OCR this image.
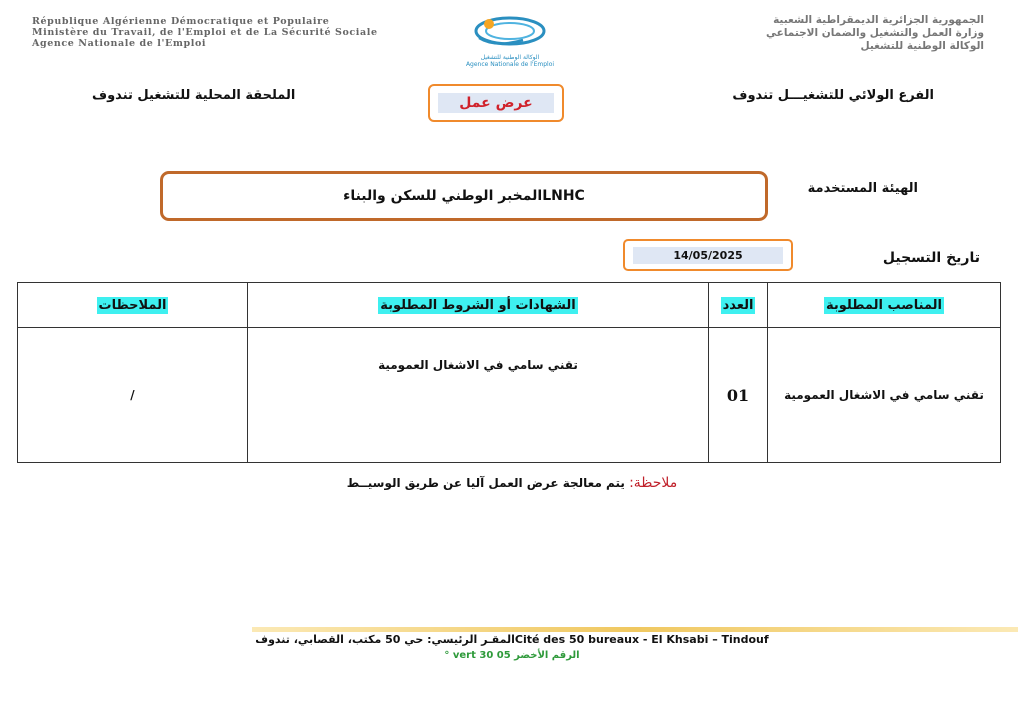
République Algérienne Démocratique et Populaire
Ministère du Travail, de l'Emploi et de La Sécurité Sociale
Agence Nationale de l'Emploi
الوكالة الوطنية للتشغيل
Agence Nationale de l'Emploi
الجمهورية الجزائرية الديمقراطية الشعبية
وزارة العمل والتشغيل والضمان الاجتماعي
الوكالة الوطنية للتشغيل
الفرع الولائي للتشغيـــل تندوف
الملحقة المحلية للتشغيل تندوف	عرض عمل
الهيئة المستخدمة
المخبر الوطني للسكن والبناءLNHC
تاريخ التسجيل
14/05/2025
المناصب المطلوبة	العدد	الشهادات أو الشروط المطلوبة	الملاحظات
تقني سامي في الاشغال العمومية	01	تقني سامي في الاشغال العمومية	/
ملاحظة: يتم معالجة عرض العمل آليا عن طريق الوسيــط
Cité des 50 bureaux - El Khsabi – Tindoufالمقـر الرئيسي: حي 50 مكتب، القصابي، تندوف
الرقم الأخضر 05 30 vert °
